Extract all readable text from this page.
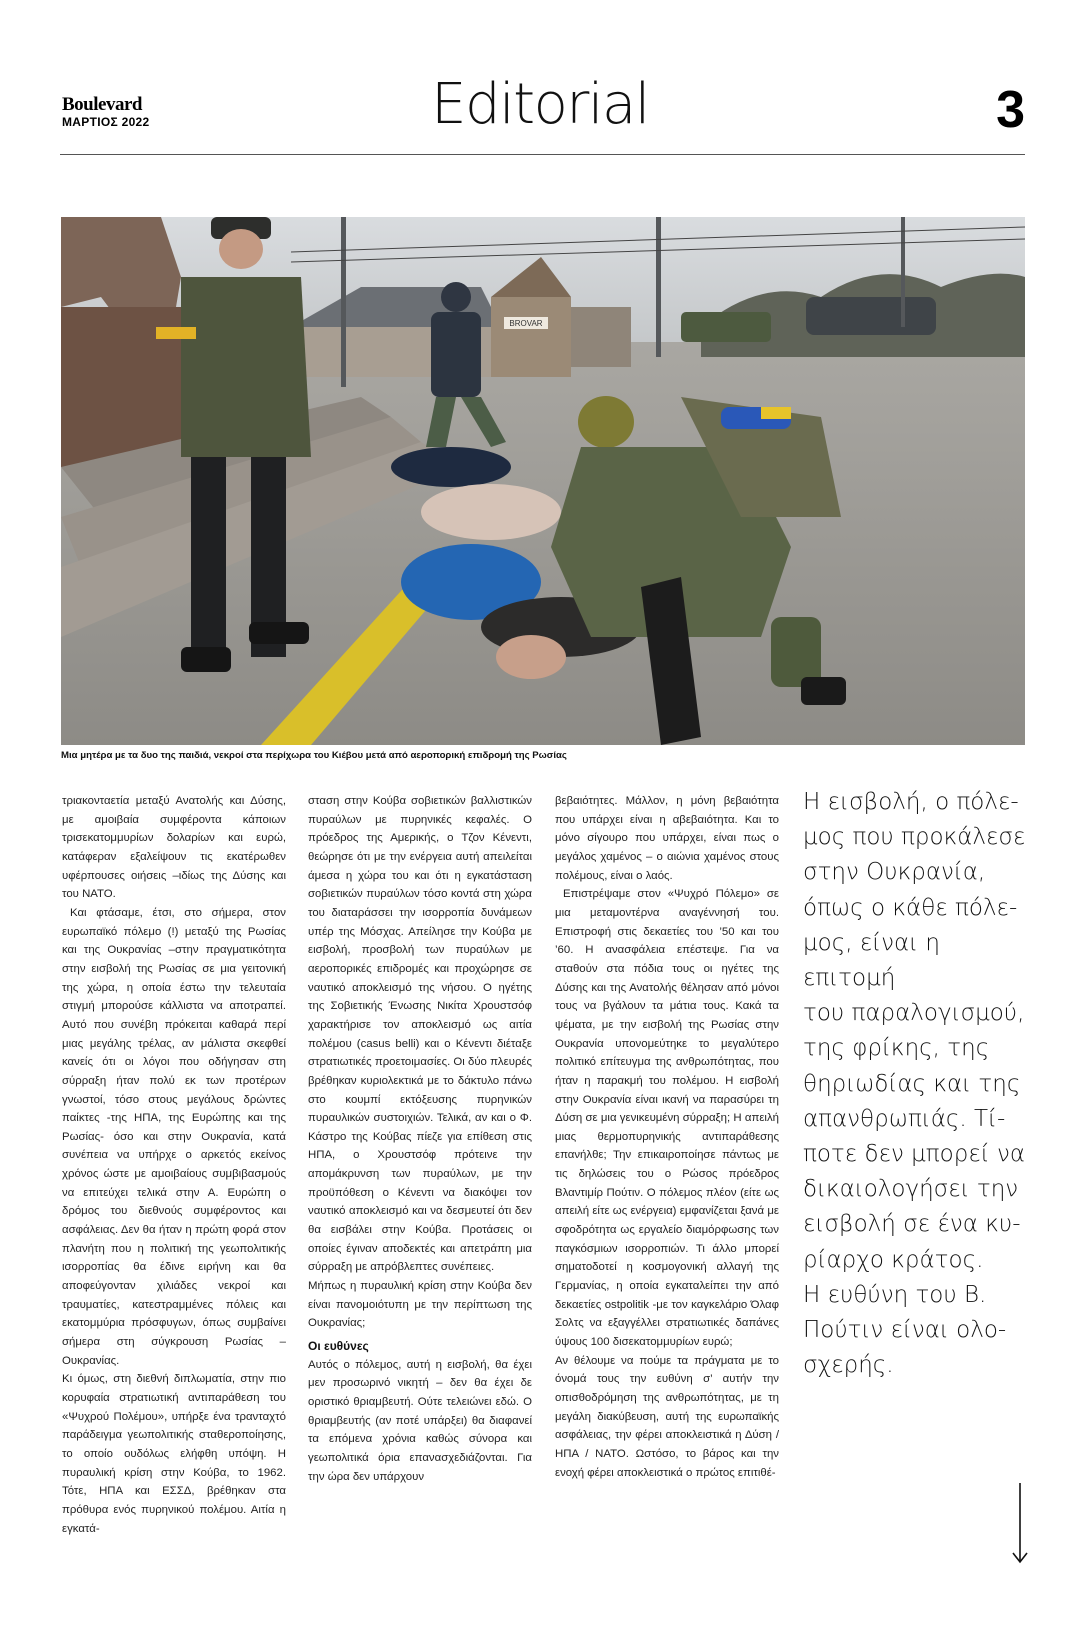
Boulevard
ΜΑΡΤΙΟΣ 2022	Editorial	3
BROVAR
Μια μητέρα με τα δυο της παιδιά, νεκροί στα περίχωρα του Κιέβου μετά από αεροπορική επιδρομή της Ρωσίας

τριακονταετία μεταξύ Ανατολής και Δύσης, με αμοιβαία συμφέροντα κάποιων τρισεκατομμυρίων δολαρίων και ευρώ, κατάφεραν εξαλείψουν τις εκατέρωθεν υφέρπουσες οιήσεις –ιδίως της Δύσης και του ΝΑΤΟ.

Και φτάσαμε, έτσι, στο σήμερα, στον ευρωπαϊκό πόλεμο (!) μεταξύ της Ρωσίας και της Ουκρανίας –στην πραγματικότητα στην εισβολή της Ρωσίας σε μια γειτονική της χώρα, η οποία έστω την τελευταία στιγμή μπορούσε κάλλιστα να αποτραπεί. Αυτό που συνέβη πρόκειται καθαρά περί μιας μεγάλης τρέλας, αν μάλιστα σκεφθεί κανείς ότι οι λόγοι που οδήγησαν στη σύρραξη ήταν πολύ εκ των προτέρων γνωστοί, τόσο στους μεγάλους δρώντες παίκτες -της ΗΠΑ, της Ευρώπης και της Ρωσίας- όσο και στην Ουκρανία, κατά συνέπεια να υπήρχε ο αρκετός εκείνος χρόνος ώστε με αμοιβαίους συμβιβασμούς να επιτεύχει τελικά στην Α. Ευρώπη ο δρόμος του διεθνούς συμφέροντος και ασφάλειας. Δεν θα ήταν η πρώτη φορά στον πλανήτη που η πολιτική της γεωπολιτικής ισορροπίας θα έδινε ειρήνη και θα αποφεύγονταν χιλιάδες νεκροί και τραυματίες, κατεστραμμένες πόλεις και εκατομμύρια πρόσφυγων, όπως συμβαίνει σήμερα στη σύγκρουση Ρωσίας – Ουκρανίας.

Κι όμως, στη διεθνή διπλωματία, στην πιο κορυφαία στρατιωτική αντιπαράθεση του «Ψυχρού Πολέμου», υπήρξε ένα τρανταχτό παράδειγμα γεωπολιτικής σταθεροποίησης, το οποίο ουδόλως ελήφθη υπόψη. Η πυραυλική κρίση στην Κούβα, το 1962. Τότε, ΗΠΑ και ΕΣΣΔ, βρέθηκαν στα πρόθυρα ενός πυρηνικού πολέμου. Αιτία η εγκατά-

σταση στην Κούβα σοβιετικών βαλλιστικών πυραύλων με πυρηνικές κεφαλές. Ο πρόεδρος της Αμερικής, ο Τζον Κένεντι, θεώρησε ότι με την ενέργεια αυτή απειλείται άμεσα η χώρα του και ότι η εγκατάσταση σοβιετικών πυραύλων τόσο κοντά στη χώρα του διαταράσσει την ισορροπία δυνάμεων υπέρ της Μόσχας. Απείλησε την Κούβα με εισβολή, προσβολή των πυραύλων με αεροπορικές επιδρομές και προχώρησε σε ναυτικό αποκλεισμό της νήσου. Ο ηγέτης της Σοβιετικής Ένωσης Νικίτα Χρουστσόφ χαρακτήρισε τον αποκλεισμό ως αιτία πολέμου (casus belli) και ο Κένεντι διέταξε στρατιωτικές προετοιμασίες. Οι δύο πλευρές βρέθηκαν κυριολεκτικά με το δάκτυλο πάνω στο κουμπί εκτόξευσης πυρηνικών πυραυλικών συστοιχιών. Τελικά, αν και ο Φ. Κάστρο της Κούβας πίεζε για επίθεση στις ΗΠΑ, ο Χρουστσόφ πρότεινε την απομάκρυνση των πυραύλων, με την προϋπόθεση ο Κένεντι να διακόψει τον ναυτικό αποκλεισμό και να δεσμευτεί ότι δεν θα εισβάλει στην Κούβα. Προτάσεις οι οποίες έγιναν αποδεκτές και απετράπη μια σύρραξη με απρόβλεπτες συνέπειες.

Μήπως η πυραυλική κρίση στην Κούβα δεν είναι πανομοιότυπη με την περίπτωση της Ουκρανίας;

Οι ευθύνες

Αυτός ο πόλεμος, αυτή η εισβολή, θα έχει μεν προσωρινό νικητή – δεν θα έχει δε οριστικό θριαμβευτή. Ούτε τελειώνει εδώ. Ο θριαμβευτής (αν ποτέ υπάρξει) θα διαφανεί τα επόμενα χρόνια καθώς σύνορα και γεωπολιτικά όρια επανασχεδιάζονται. Για την ώρα δεν υπάρχουν

βεβαιότητες. Μάλλον, η μόνη βεβαιότητα που υπάρχει είναι η αβεβαιότητα. Και το μόνο σίγουρο που υπάρχει, είναι πως ο μεγάλος χαμένος – ο αιώνια χαμένος στους πολέμους, είναι ο λαός.

Επιστρέψαμε στον «Ψυχρό Πόλεμο» σε μια μεταμοντέρνα αναγέννησή του. Επιστροφή στις δεκαετίες του ’50 και του ’60. Η ανασφάλεια επέστεψε. Για να σταθούν στα πόδια τους οι ηγέτες της Δύσης και της Ανατολής θέλησαν από μόνοι τους να βγάλουν τα μάτια τους. Κακά τα ψέματα, με την εισβολή της Ρωσίας στην Ουκρανία υπονομεύτηκε το μεγαλύτερο πολιτικό επίτευγμα της ανθρωπότητας, που ήταν η παρακμή του πολέμου. Η εισβολή στην Ουκρανία είναι ικανή να παρασύρει τη Δύση σε μια γενικευμένη σύρραξη; Η απειλή μιας θερμοπυρηνικής αντιπαράθεσης επανήλθε; Την επικαιροποίησε πάντως με τις δηλώσεις του ο Ρώσος πρόεδρος Βλαντιμίρ Πούτιν. Ο πόλεμος πλέον (είτε ως απειλή είτε ως ενέργεια) εμφανίζεται ξανά με σφοδρότητα ως εργαλείο διαμόρφωσης των παγκόσμιων ισορροπιών. Τι άλλο μπορεί σηματοδοτεί η κοσμογονική αλλαγή της Γερμανίας, η οποία εγκαταλείπει την από δεκαετίες ostpolitik -με τον καγκελάριο Όλαφ Σολτς να εξαγγέλλει στρατιωτικές δαπάνες ύψους 100 δισεκατομμυρίων ευρώ;

Αν θέλουμε να πούμε τα πράγματα με το όνομά τους την ευθύνη σ’ αυτήν την οπισθοδρόμηση της ανθρωπότητας, με τη μεγάλη διακύβευση, αυτή της ευρωπαϊκής ασφάλειας, την φέρει αποκλειστικά η Δύση / ΗΠΑ / ΝΑΤΟ. Ωστόσο, το βάρος και την ενοχή φέρει αποκλειστικά ο πρώτος επιτιθέ-

Η εισβολή, ο πόλε-
μος που προκάλεσε
στην Ουκρανία,
όπως ο κάθε πόλε-
μος, είναι η επιτομή
του παραλογισμού,
της φρίκης, της
θηριωδίας και της
απανθρωπιάς. Τί-
ποτε δεν μπορεί να
δικαιολογήσει την
εισβολή σε ένα κυ-
ρίαρχο κράτος.
Η ευθύνη του Β.
Πούτιν είναι ολο-
σχερής.
